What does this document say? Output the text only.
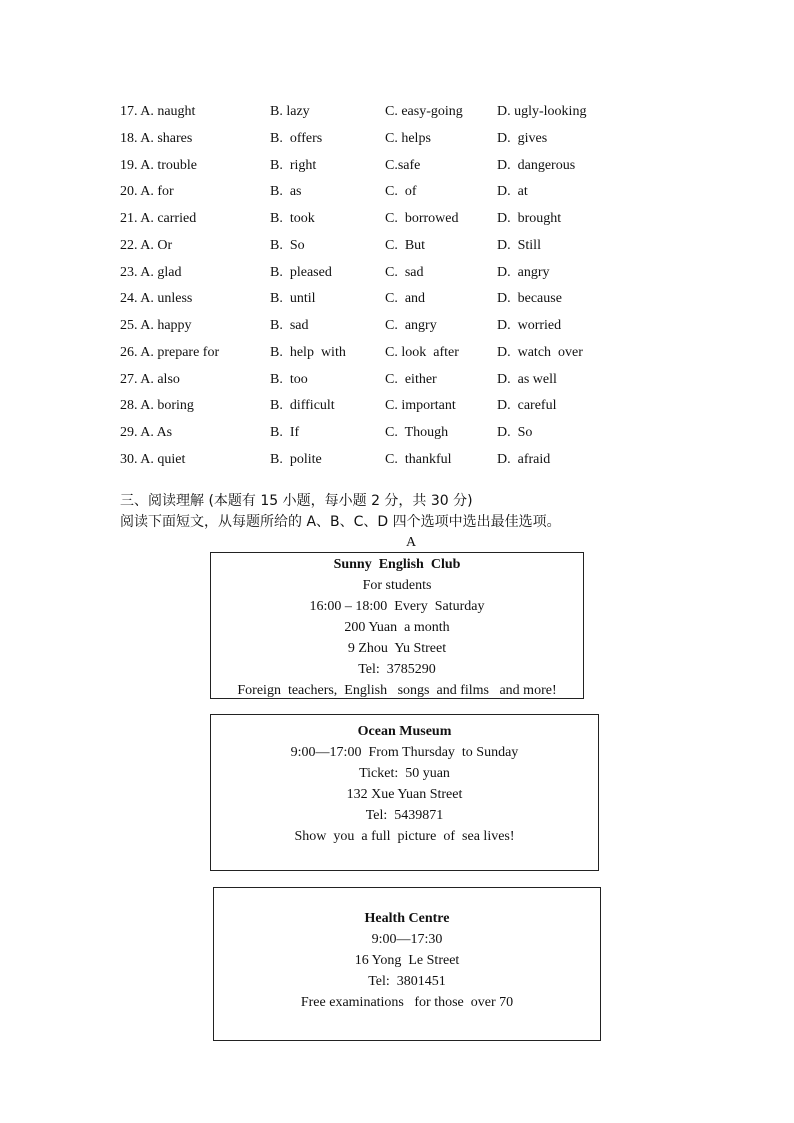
17. A. naught	B. lazy	C. easy-going D. ugly-looking
18. A. shares	B.  offers	C. helps	D.  gives
19. A. trouble	B.  right	C.safe	D.  dangerous
20. A. for	B.  as	C.  of	D.  at
21. A. carried	B.  took	C.  borrowed	D.  brought
22. A. Or	B.  So	C.  But	D.  Still
23. A. glad	B.  pleased	C.  sad	D.  angry
24. A. unless	B.  until	C.  and	D.  because
25. A. happy	B.  sad	C.  angry	D.  worried
26. A. prepare for	B.  help  with	C. look  after	D.  watch  over
27. A. also	B.  too	C.  either	D.  as well
28. A. boring	B.  difficult	C. important	D.  careful
29. A. As	B.  If	C.  Though	D.  So
30. A. quiet	B.  polite	C.  thankful	D.  afraid
三、阅读理解 (本题有 15 小题，每小题 2 分，共 30 分)
阅读下面短文，从每题所给的 A、B、C、D 四个选项中选出最佳选项。
A
Sunny  English  Club
For students
16:00 – 18:00  Every  Saturday
200 Yuan  a month
9 Zhou  Yu Street
Tel:  3785290
Foreign  teachers,  English   songs  and films   and more!
Ocean Museum
9:00—17:00  From Thursday  to Sunday
Ticket:  50 yuan
132 Xue Yuan Street
Tel:  5439871
Show  you  a full  picture  of  sea lives!
Health Centre
9:00—17:30
16 Yong  Le Street
Tel:  3801451
Free examinations   for those  over 70
